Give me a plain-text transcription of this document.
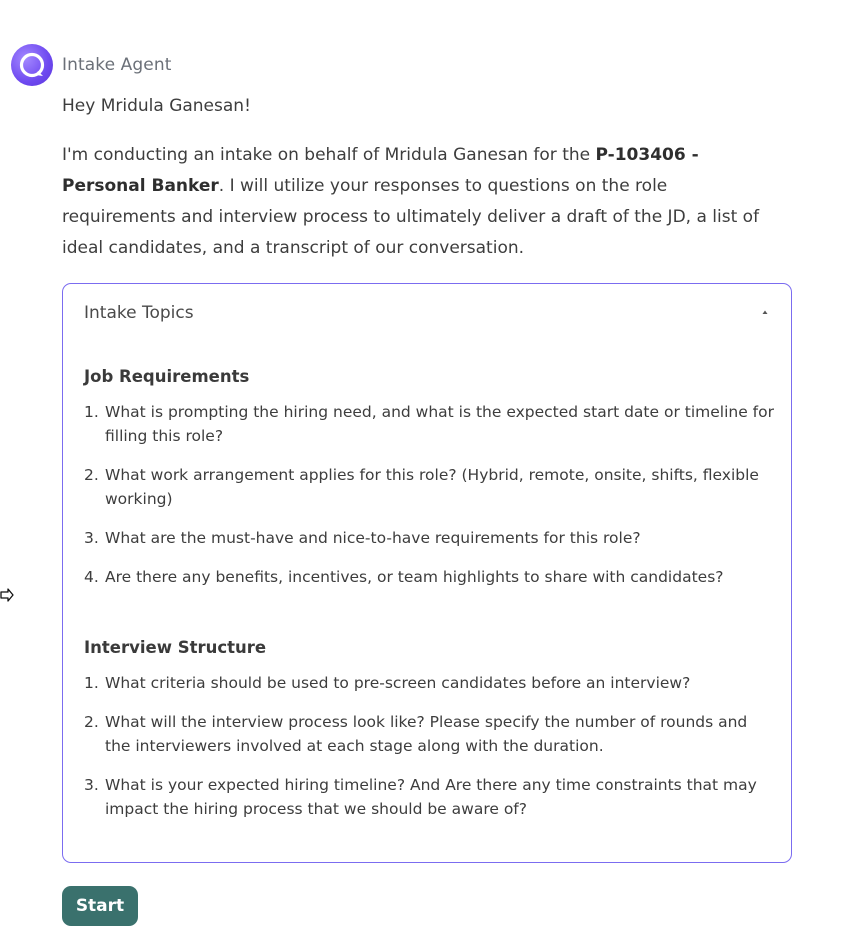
Intake Agent
Hey Mridula Ganesan!
I'm conducting an intake on behalf of Mridula Ganesan for the P-103406 - Personal Banker. I will utilize your responses to questions on the role requirements and interview process to ultimately deliver a draft of the JD, a list of ideal candidates, and a transcript of our conversation.
Intake Topics
Job Requirements
1. What is prompting the hiring need, and what is the expected start date or timeline for filling this role?
2. What work arrangement applies for this role? (Hybrid, remote, onsite, shifts, flexible working)
3. What are the must-have and nice-to-have requirements for this role?
4. Are there any benefits, incentives, or team highlights to share with candidates?
Interview Structure
1. What criteria should be used to pre-screen candidates before an interview?
2. What will the interview process look like? Please specify the number of rounds and the interviewers involved at each stage along with the duration.
3. What is your expected hiring timeline? And Are there any time constraints that may impact the hiring process that we should be aware of?
Start
